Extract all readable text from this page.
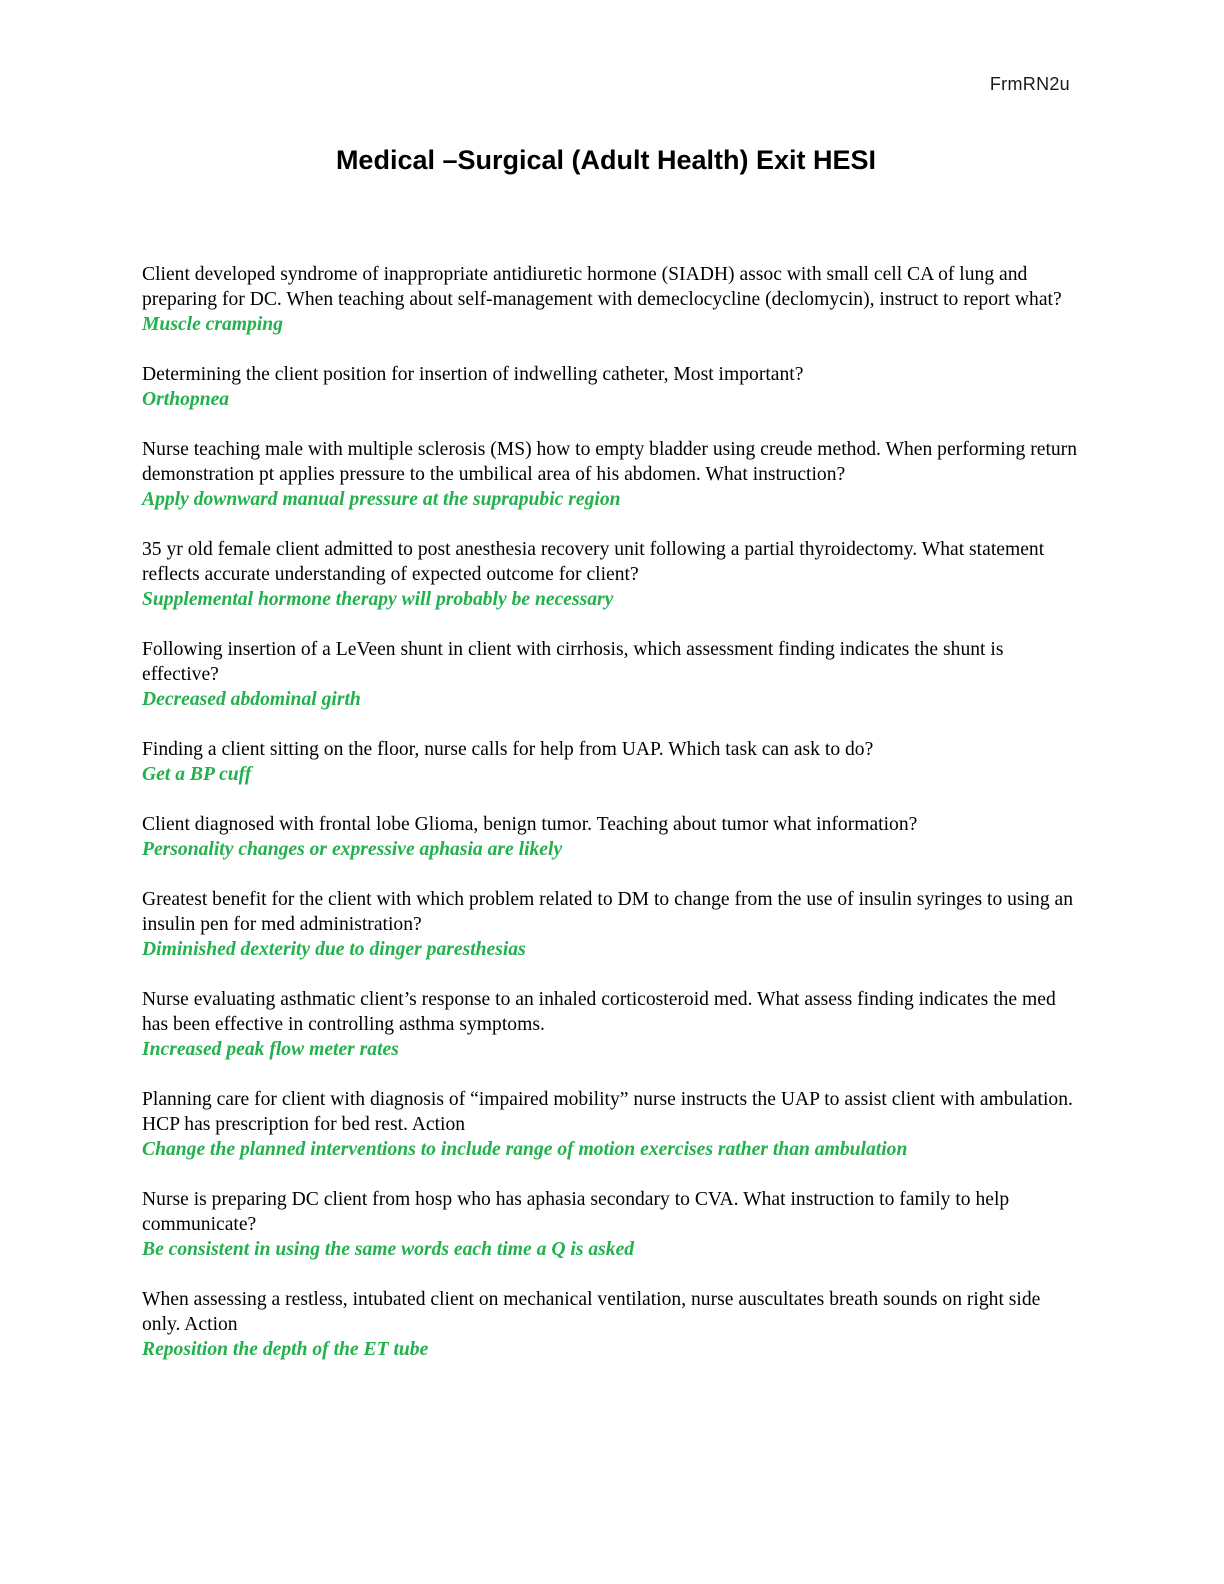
FrmRN2u
Medical –Surgical (Adult Health) Exit HESI

Client developed syndrome of inappropriate antidiuretic hormone (SIADH) assoc with small cell CA of lung and preparing for DC. When teaching about self-management with demeclocycline (declomycin), instruct to report what?

Muscle cramping

Determining the client position for insertion of indwelling catheter, Most important?

Orthopnea

Nurse teaching male with multiple sclerosis (MS) how to empty bladder using creude method. When performing return demonstration pt applies pressure to the umbilical area of his abdomen. What instruction?

Apply downward manual pressure at the suprapubic region

35 yr old female client admitted to post anesthesia recovery unit following a partial thyroidectomy. What statement reflects accurate understanding of expected outcome for client?

Supplemental hormone therapy will probably be necessary

Following insertion of a LeVeen shunt in client with cirrhosis, which assessment finding indicates the shunt is effective?

Decreased abdominal girth

Finding a client sitting on the floor, nurse calls for help from UAP. Which task can ask to do?

Get a BP cuff

Client diagnosed with frontal lobe Glioma, benign tumor. Teaching about tumor what information?

Personality changes or expressive aphasia are likely

Greatest benefit for the client with which problem related to DM to change from the use of insulin syringes to using an insulin pen for med administration?

Diminished dexterity due to dinger paresthesias

Nurse evaluating asthmatic client’s response to an inhaled corticosteroid med. What assess finding indicates the med has been effective in controlling asthma symptoms.

Increased peak flow meter rates

Planning care for client with diagnosis of “impaired mobility” nurse instructs the UAP to assist client with ambulation. HCP has prescription for bed rest. Action

Change the planned interventions to include range of motion exercises rather than ambulation

Nurse is preparing DC client from hosp who has aphasia secondary to CVA. What instruction to family to help communicate?

Be consistent in using the same words each time a Q is asked

When assessing a restless, intubated client on mechanical ventilation, nurse auscultates breath sounds on right side only. Action

Reposition the depth of the ET tube
